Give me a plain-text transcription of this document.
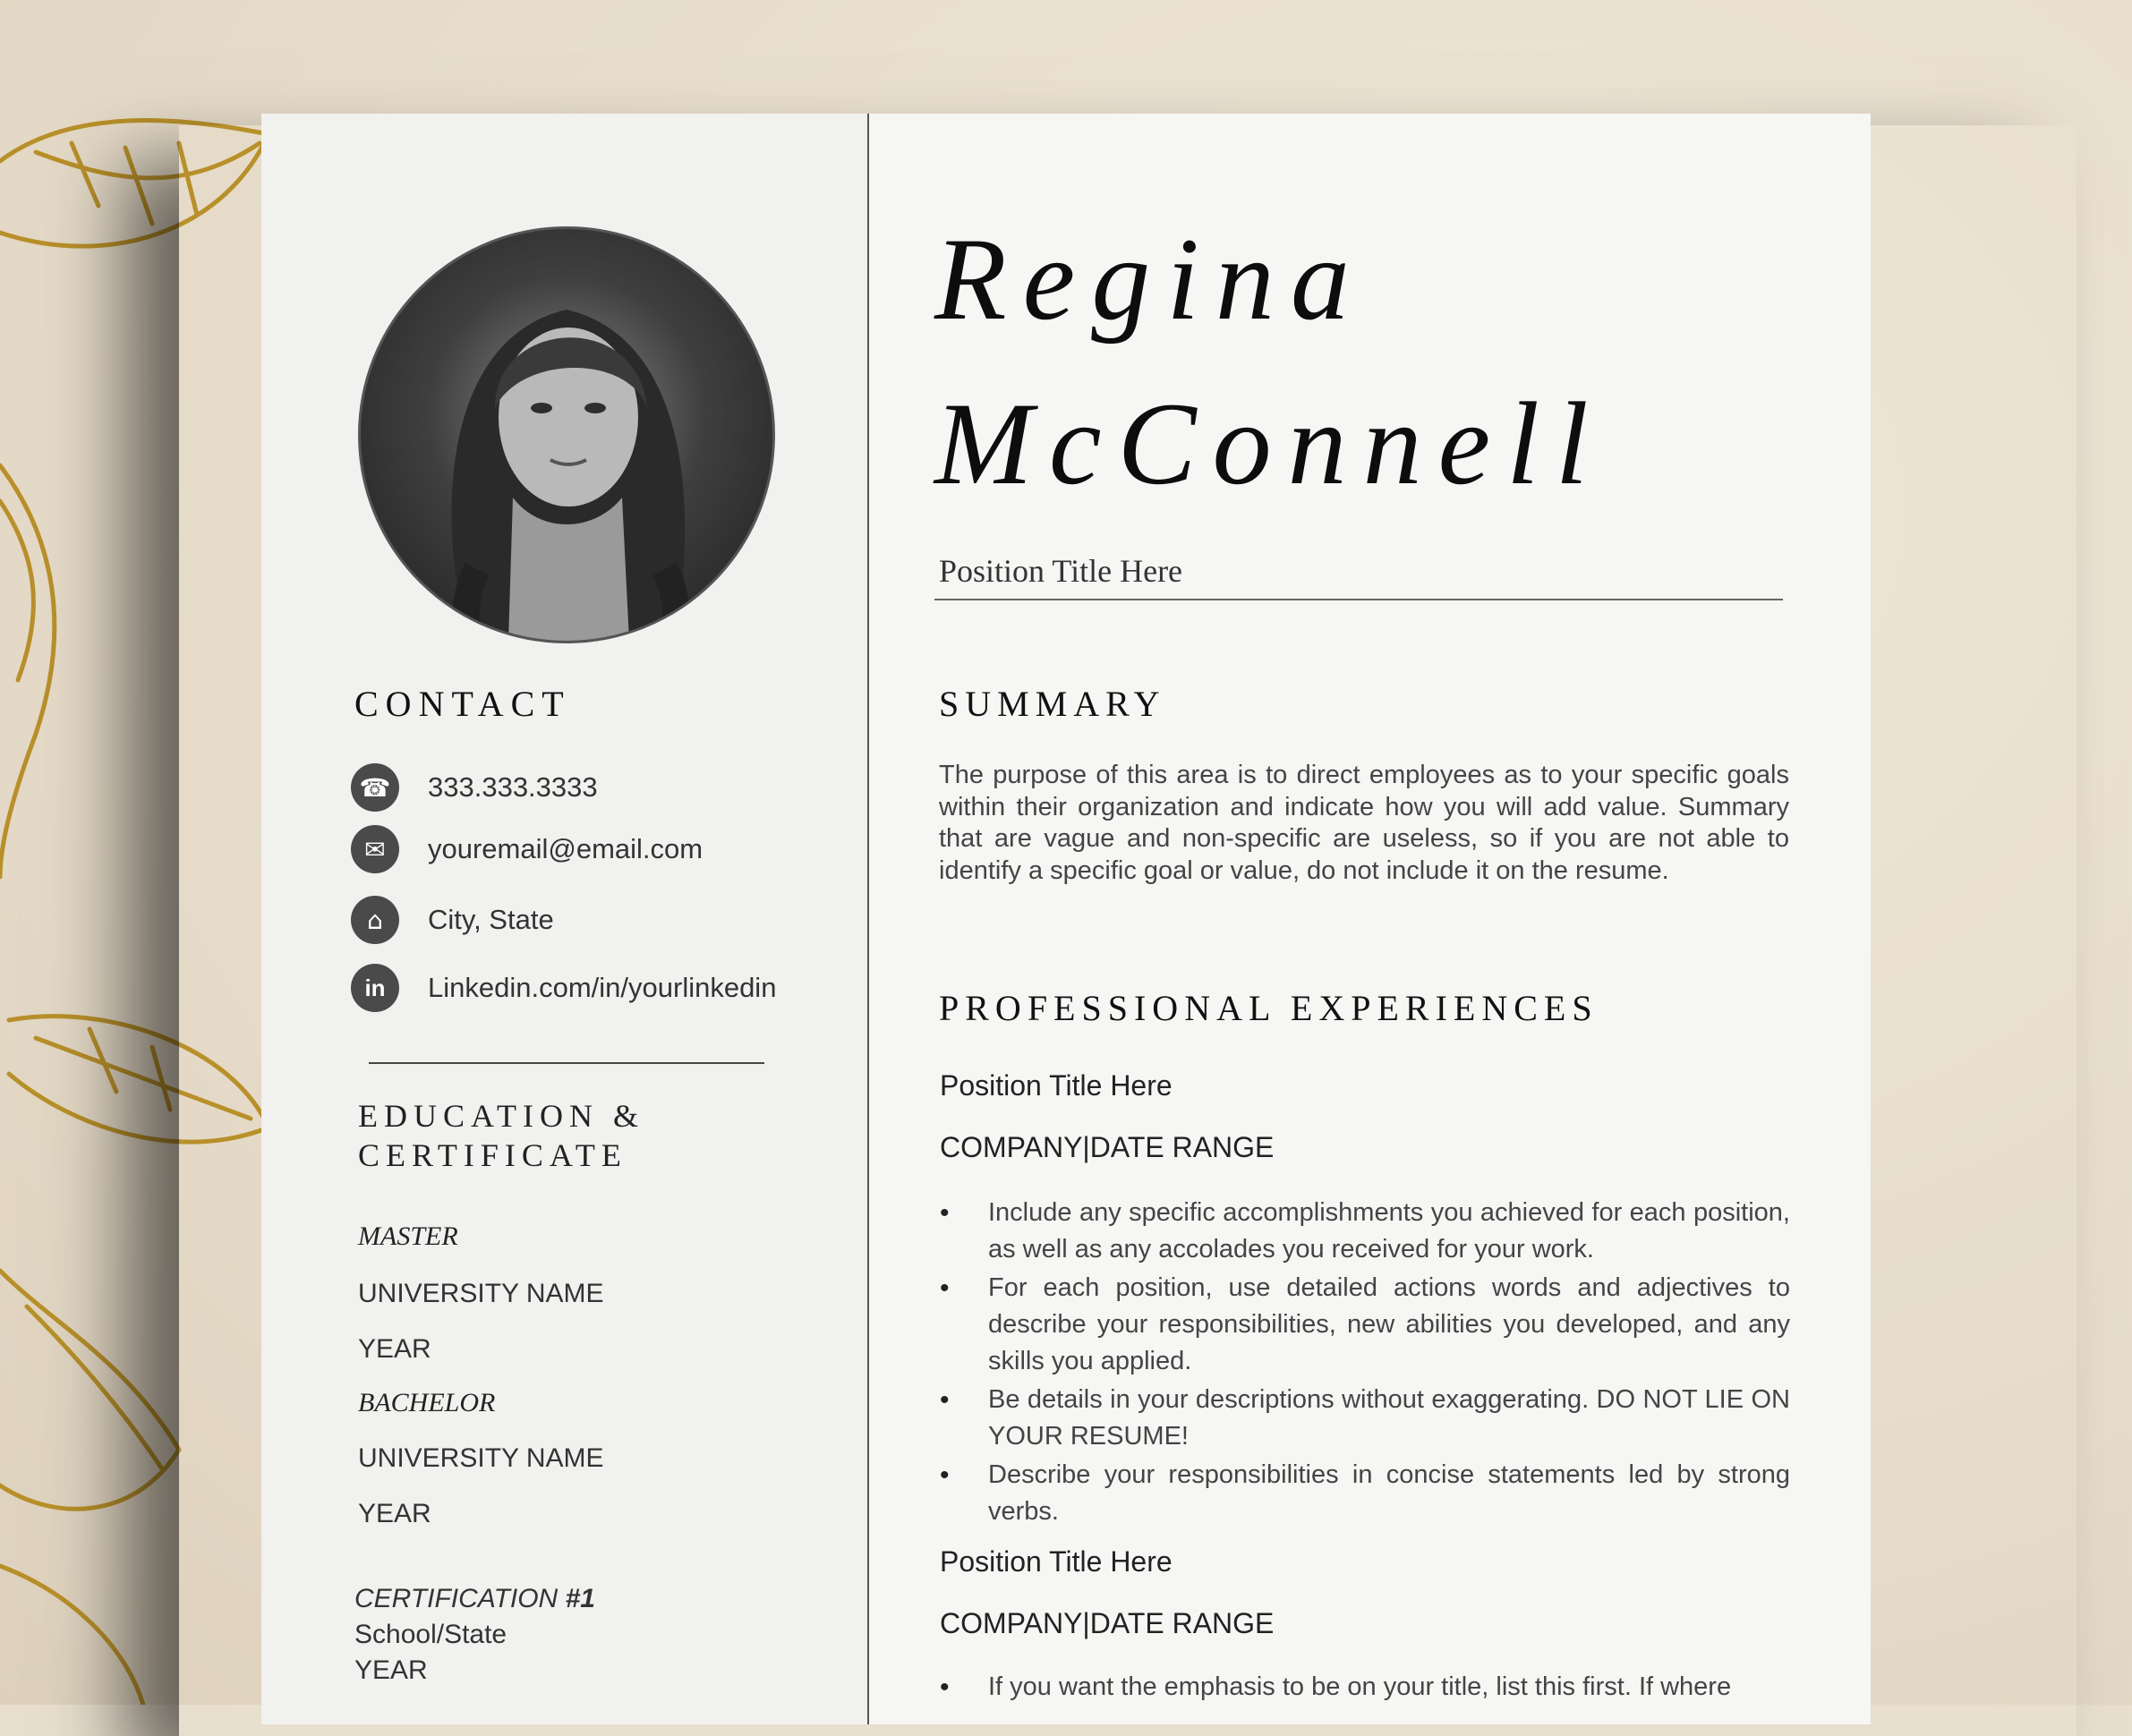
CONTACT
☎	333.333.3333
✉	youremail@email.com
⌂	City, State
in	Linkedin.com/in/yourlinkedin
EDUCATION &
CERTIFICATE
MASTER
UNIVERSITY NAME
YEAR
BACHELOR
UNIVERSITY NAME
YEAR
CERTIFICATION #1
School/State
YEAR
Regina
McConnell
Position Title Here
SUMMARY

The purpose of this area is to direct employees as to your specific goals within their organization and indicate how you will add value. Summary that are vague and non-specific are useless, so if you are not able to identify a specific goal or value, do not include it on the resume.

PROFESSIONAL EXPERIENCES
Position Title Here
COMPANY|DATE RANGE
• Include any specific accomplishments you achieved for each position, as well as any accolades you received for your work.
• For each position, use detailed actions words and adjectives to describe your responsibilities, new abilities you developed, and any skills you applied.
• Be details in your descriptions without exaggerating. DO NOT LIE ON YOUR RESUME!
• Describe your responsibilities in concise statements led by strong verbs.
Position Title Here
COMPANY|DATE RANGE
• If you want the emphasis to be on your title, list this first. If where
